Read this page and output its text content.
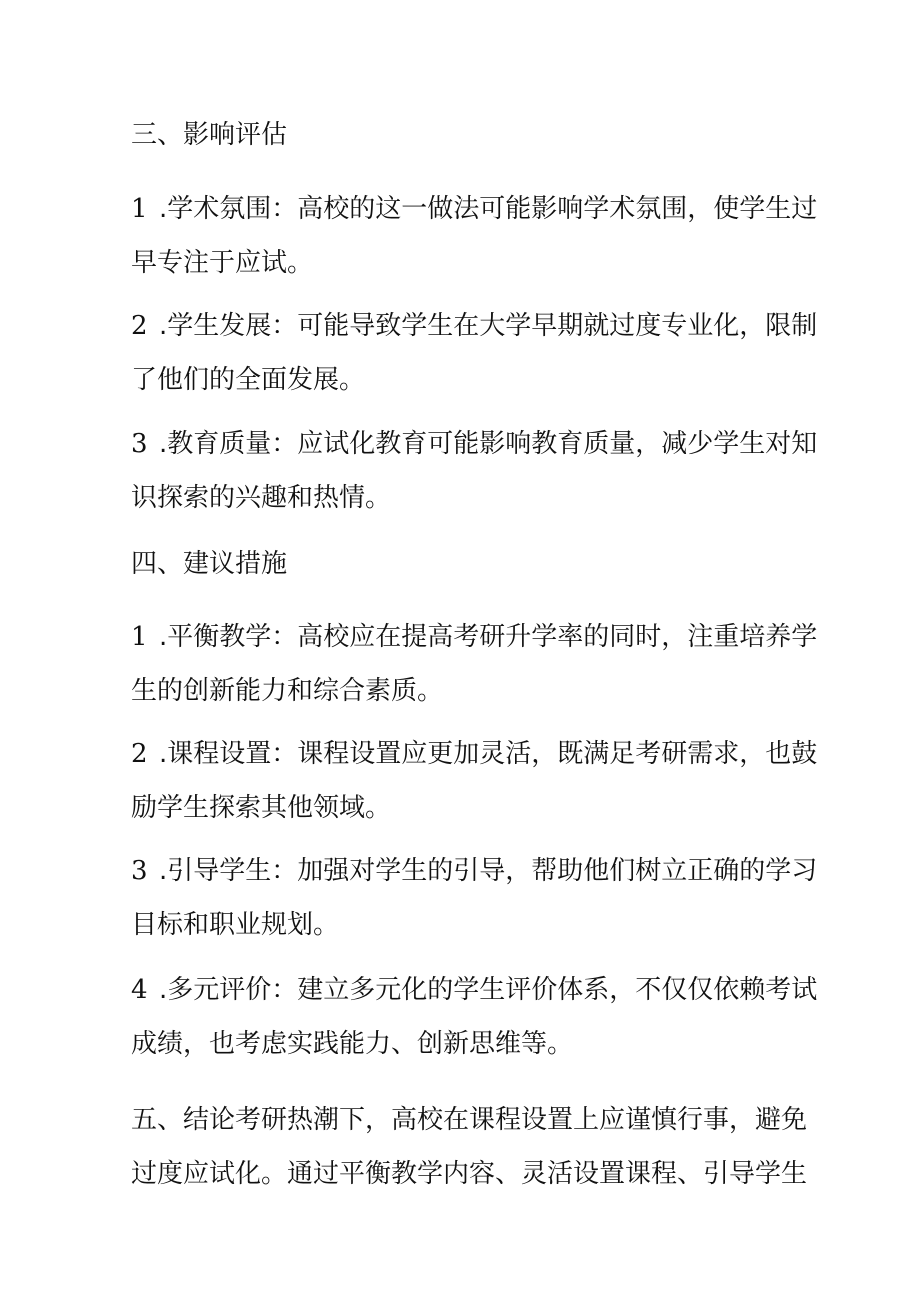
三、影响评估

1 .学术氛围：高校的这一做法可能影响学术氛围，使学生过
早专注于应试。

2 .学生发展：可能导致学生在大学早期就过度专业化，限制
了他们的全面发展。

3 .教育质量：应试化教育可能影响教育质量，减少学生对知
识探索的兴趣和热情。

四、建议措施

1 .平衡教学：高校应在提高考研升学率的同时，注重培养学
生的创新能力和综合素质。

2 .课程设置：课程设置应更加灵活，既满足考研需求，也鼓
励学生探索其他领域。

3 .引导学生：加强对学生的引导，帮助他们树立正确的学习
目标和职业规划。

4 .多元评价：建立多元化的学生评价体系，不仅仅依赖考试
成绩，也考虑实践能力、创新思维等。

五、结论考研热潮下，高校在课程设置上应谨慎行事，避免
过度应试化。通过平衡教学内容、灵活设置课程、引导学生
